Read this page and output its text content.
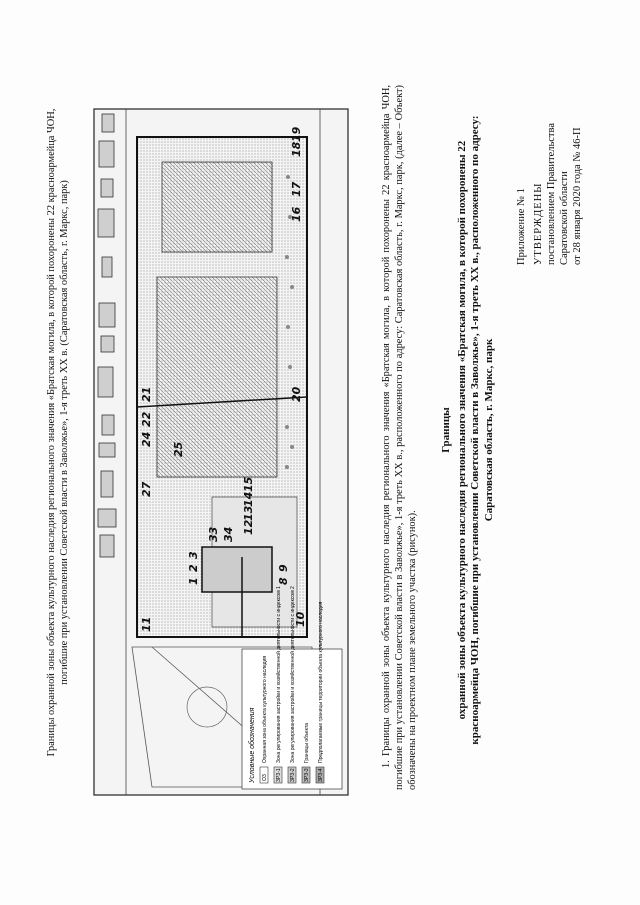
Приложение № 1 УТВЕРЖДЕНЫ постановлением Правительства Саратовской области от 28 января 2020 года № 46-П
Границы охранной зоны объекта культурного наследия регионального значения «Братская могила, в которой похоронены 22 красноармейца ЧОН, погибшие при установлении Советской власти в Заволжье», 1-я треть XX в., расположенного по адресу: Саратовская область, г. Маркс, парк
1. Границы охранной зоны объекта культурного наследия регионального значения «Братская могила, в которой похоронены 22 красноармейца ЧОН, погибшие при установлении Советской власти в Заволжье», 1-я треть XX в., расположенного по адресу: Саратовская область, г. Маркс, парк, (далее – Объект) обозначены на проектном плане земельного участка (рисунок).
10
11
12
13
14
15
16
17
18
19
20
21
22
24
25
27
1
2
3
8
9
33 34
Условные обозначения ОЗ
Охранная зона объекта культурного наследия
ЗРЗ-1
Зона регулирования застройки и хозяйственной деятельности с индексом 1
ЗРЗ-2
Зона регулирования застройки и хозяйственной деятельности с индексом 2
ЗРЗ-3
Границы объекта
ЗРЗ-4
Предполагаемые границы территории объекта культурного наследия
Границы охранной зоны объекта культурного наследия регионального значения «Братская могила, в которой похоронены 22 красноармейца ЧОН, погибшие при установлении Советской власти в Заволжье», 1-я треть XX в. (Саратовская область, г. Маркс, парк)
